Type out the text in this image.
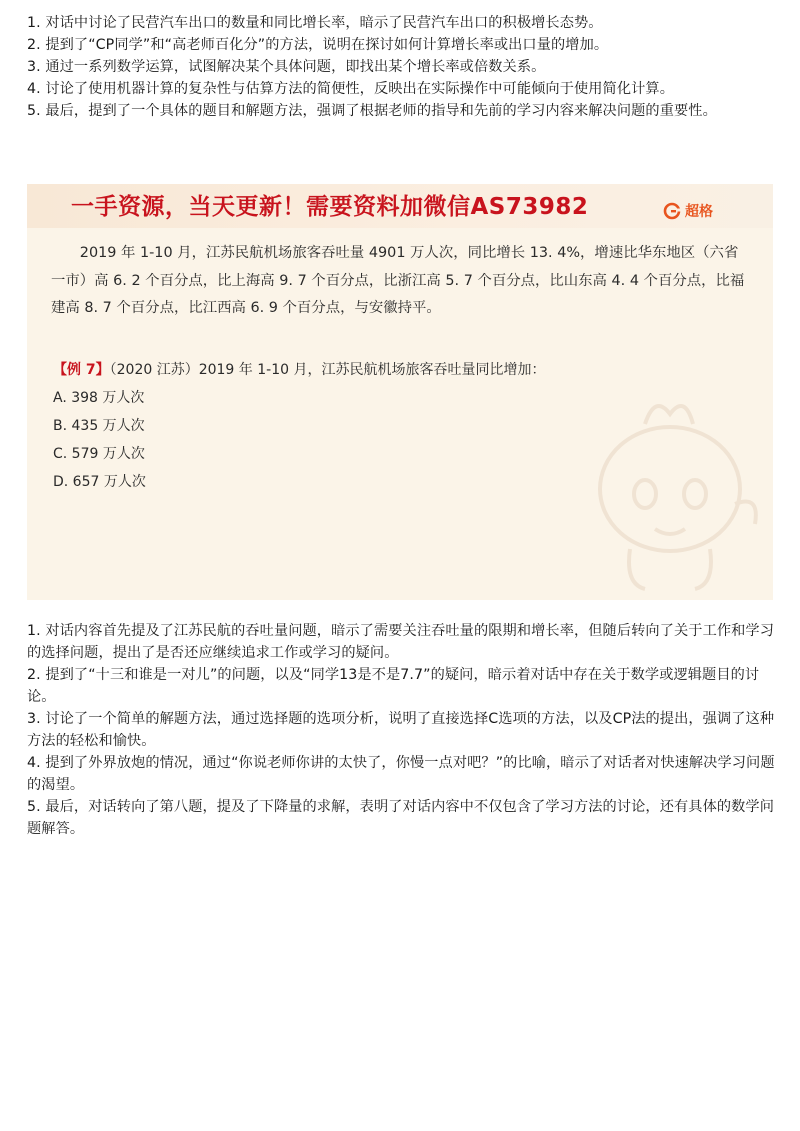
1. 对话中讨论了民营汽车出口的数量和同比增长率，暗示了民营汽车出口的积极增长态势。

2. 提到了“CP同学”和“高老师百化分”的方法，说明在探讨如何计算增长率或出口量的增加。

3. 通过一系列数学运算，试图解决某个具体问题，即找出某个增长率或倍数关系。

4. 讨论了使用机器计算的复杂性与估算方法的简便性，反映出在实际操作中可能倾向于使用简化计算。

5. 最后，提到了一个具体的题目和解题方法，强调了根据老师的指导和先前的学习内容来解决问题的重要性。

一手资源，当天更新！需要资料加微信AS73982	超格

2019 年 1-10 月，江苏民航机场旅客吞吐量 4901 万人次，同比增长 13. 4%，增速比华东地区（六省一市）高 6. 2 个百分点，比上海高 9. 7 个百分点，比浙江高 5. 7 个百分点，比山东高 4. 4 个百分点，比福建高 8. 7 个百分点，比江西高 6. 9 个百分点，与安徽持平。

【例 7】（2020 江苏）2019 年 1-10 月，江苏民航机场旅客吞吐量同比增加：

A. 398 万人次

B. 435 万人次

C. 579 万人次

D. 657 万人次

1. 对话内容首先提及了江苏民航的吞吐量问题，暗示了需要关注吞吐量的限期和增长率，但随后转向了关于工作和学习的选择问题，提出了是否还应继续追求工作或学习的疑问。

2. 提到了“十三和谁是一对儿”的问题，以及“同学13是不是7.7”的疑问，暗示着对话中存在关于数学或逻辑题目的讨论。

3. 讨论了一个简单的解题方法，通过选择题的选项分析，说明了直接选择C选项的方法，以及CP法的提出，强调了这种方法的轻松和愉快。

4. 提到了外界放炮的情况，通过“你说老师你讲的太快了，你慢一点对吧？”的比喻，暗示了对话者对快速解决学习问题的渴望。

5. 最后，对话转向了第八题，提及了下降量的求解，表明了对话内容中不仅包含了学习方法的讨论，还有具体的数学问题解答。
